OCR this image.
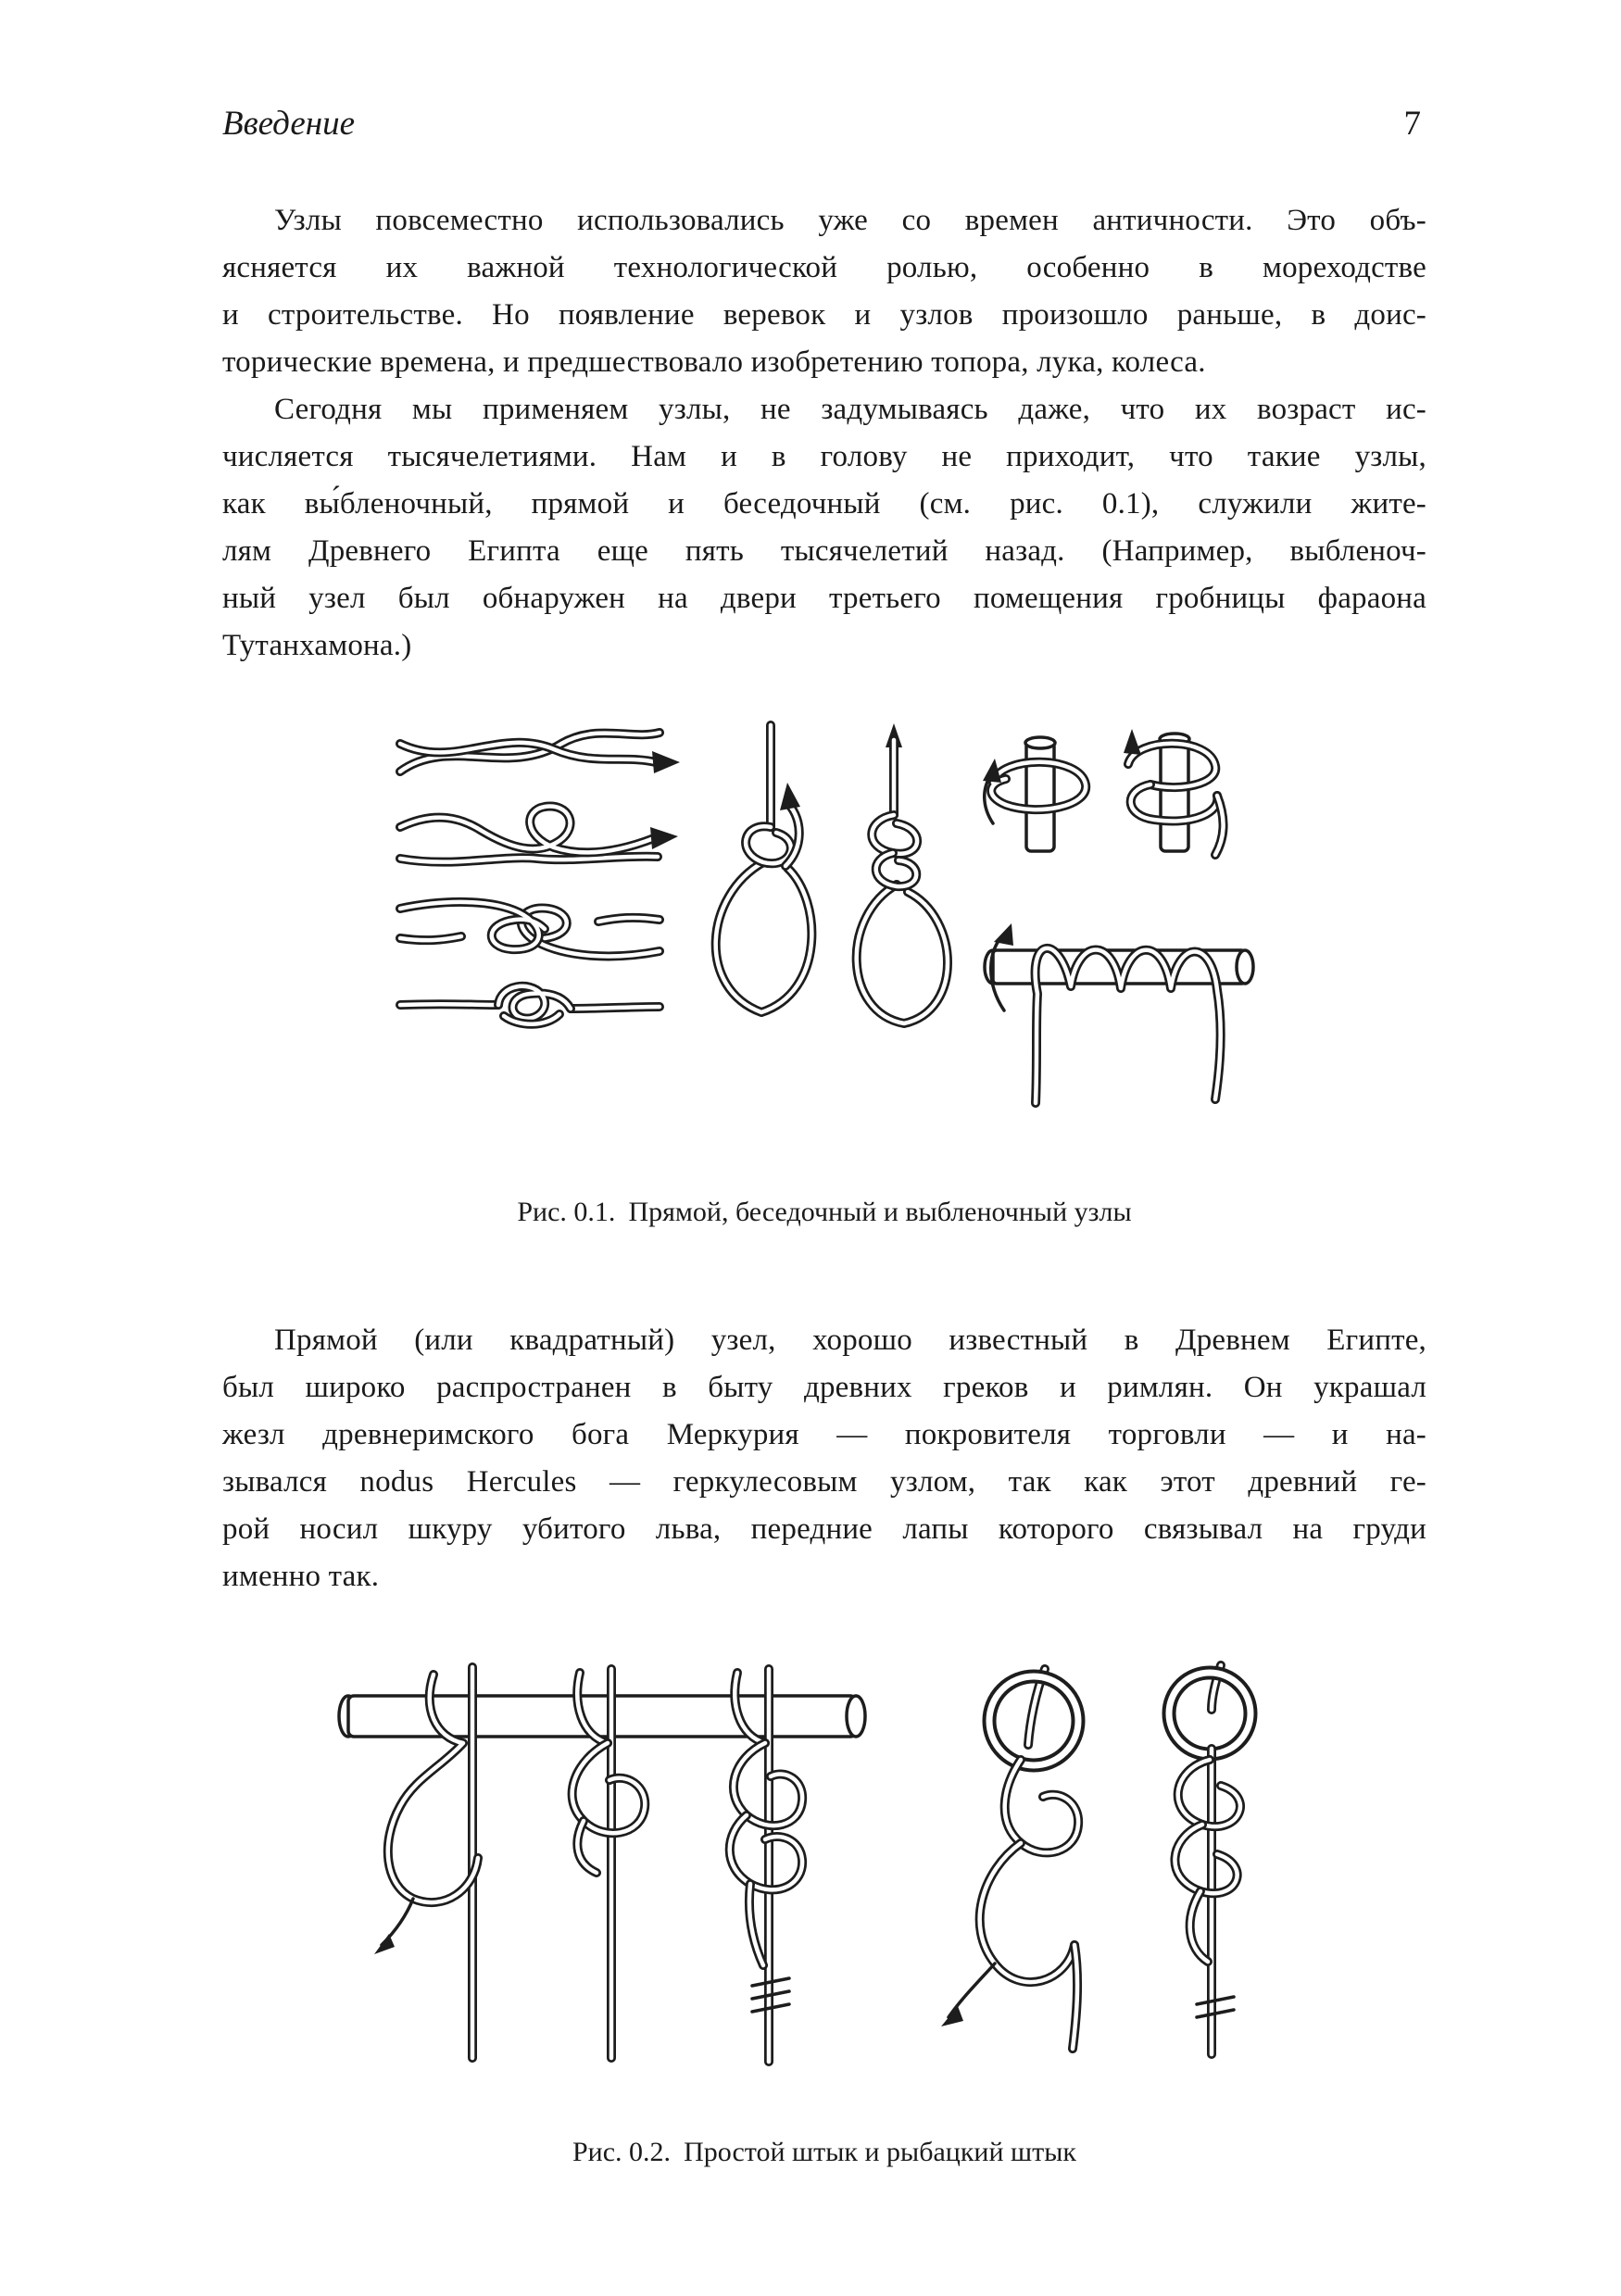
Введение	7

Узлы повсеместно использовались уже со времен античности. Это объ-
ясняется их важной технологической ролью, особенно в мореходстве
и строительстве. Но появление веревок и узлов произошло раньше, в доис-
торические времена, и предшествовало изобретению топора, лука, колеса.

Сегодня мы применяем узлы, не задумываясь даже, что их возраст ис-
числяется тысячелетиями. Нам и в голову не приходит, что такие узлы,
как вы́бленочный, прямой и беседочный (см. рис. 0.1), служили жите-
лям Древнего Египта еще пять тысячелетий назад. (Например, выбленоч-
ный узел был обнаружен на двери третьего помещения гробницы фараона
Тутанхамона.)

Рис. 0.1. Прямой, беседочный и выбленочный узлы

Прямой (или квадратный) узел, хорошо известный в Древнем Египте,
был широко распространен в быту древних греков и римлян. Он украшал
жезл древнеримского бога Меркурия — покровителя торговли — и на-
зывался nodus Hercules — геркулесовым узлом, так как этот древний ге-
рой носил шкуру убитого льва, передние лапы которого связывал на груди
именно так.

Рис. 0.2. Простой штык и рыбацкий штык
